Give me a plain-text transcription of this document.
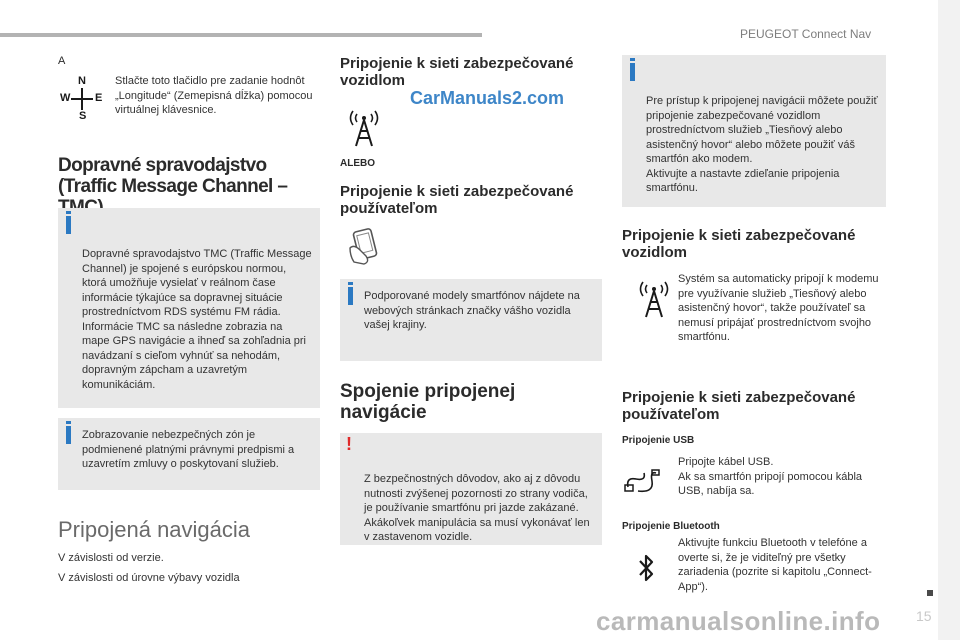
PEUGEOT Connect Nav
15
CarManuals2.com
carmanualsonline.info
A
N
W E
S
Stlačte toto tlačidlo pre zadanie hodnôt „Longitude“ (Zemepisná dĺžka) pomocou virtuálnej klávesnice.
Dopravné spravodajstvo (Traffic Message Channel –

Dopravné spravodajstvo TMC (Traffic Message Channel) je spojené s európskou normou, ktorá umožňuje vysielať v reálnom čase informácie týkajúce sa dopravnej situácie prostredníctvom RDS systému FM rádia.
Informácie TMC sa následne zobrazia na mape GPS navigácie a ihneď sa zohľadnia pri navádzaní s cieľom vyhnúť sa nehodám, dopravným zápcham a uzavretým komunikáciám.

Zobrazovanie nebezpečných zón je podmienené platnými právnymi predpismi a uzavretím zmluvy o poskytovaní služieb.
Pripojená navigácia
V závislosti od verzie.
V závislosti od úrovne výbavy vozidla
Pripojenie k sieti zabezpečované vozidlom
ALEBO
Pripojenie k sieti zabezpečované používateľom
Podporované modely smartfónov nájdete na webových stránkach značky vášho vozidla vašej krajiny.
Spojenie pripojenej navigácie

!

Z bezpečnostných dôvodov, ako aj z dôvodu nutnosti zvýšenej pozornosti zo strany vodiča, je používanie smartfónu pri jazde zakázané.
Akákoľvek manipulácia sa musí vykonávať len v zastavenom vozidle.

Pre prístup k pripojenej navigácii môžete použiť pripojenie zabezpečované vozidlom prostredníctvom služieb „Tiesňový alebo asistenčný hovor“ alebo môžete použiť váš smartfón ako modem.
Aktivujte a nastavte zdieľanie pripojenia smartfónu.

Pripojenie k sieti zabezpečované vozidlom
Systém sa automaticky pripojí k modemu pre využívanie služieb „Tiesňový alebo asistenčný hovor“, takže používateľ sa nemusí pripájať prostredníctvom svojho smartfónu.
Pripojenie k sieti zabezpečované používateľom
Pripojenie USB
Pripojte kábel USB.
Ak sa smartfón pripojí pomocou kábla USB, nabíja sa.
Pripojenie Bluetooth
Aktivujte funkciu Bluetooth v telefóne a overte si, že je viditeľný pre všetky zariadenia (pozrite si kapitolu „Connect-App“).
